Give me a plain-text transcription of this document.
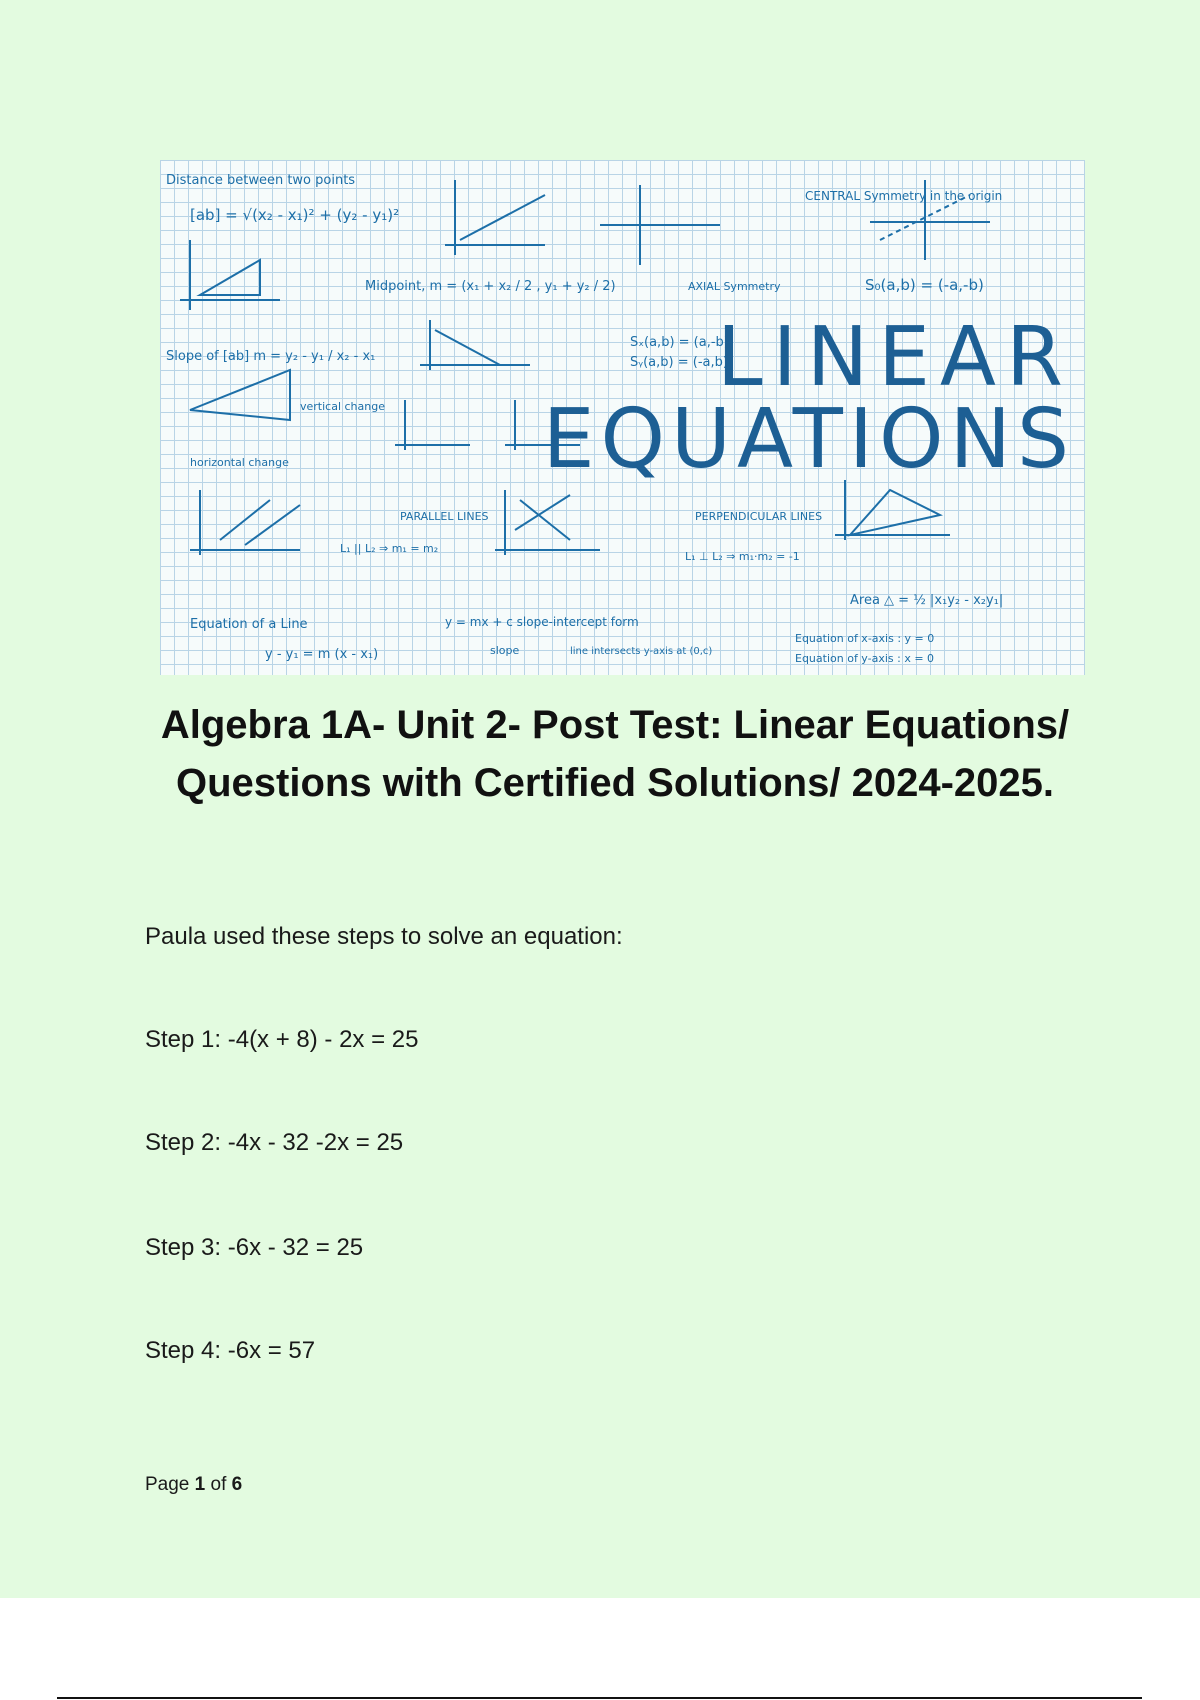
Distance between two points
[ab] = √(x₂ - x₁)² + (y₂ - y₁)²
Midpoint, m = (x₁ + x₂ / 2 , y₁ + y₂ / 2)
Slope of [ab] m = y₂ - y₁ / x₂ - x₁
vertical change
horizontal change
CENTRAL Symmetry in the origin
S₀(a,b) = (-a,-b)
AXIAL Symmetry
Sₓ(a,b) = (a,-b)
Sᵧ(a,b) = (-a,b)
PARALLEL LINES
L₁ || L₂ ⇒ m₁ = m₂
PERPENDICULAR LINES
L₁ ⊥ L₂ ⇒ m₁·m₂ = -1
Area △ = ½ |x₁y₂ - x₂y₁|
Equation of a Line
y - y₁ = m (x - x₁)
y = mx + c slope-intercept form
slope	line intersects y-axis at (0,c)
Equation of x-axis : y = 0
Equation of y-axis : x = 0
LINEAR
EQUATIONS
Algebra 1A- Unit 2- Post Test: Linear Equations/ Questions with Certified Solutions/ 2024-2025.
Paula used these steps to solve an equation:
Step 1: -4(x + 8) - 2x = 25
Step 2: -4x - 32 -2x = 25
Step 3: -6x - 32 = 25
Step 4: -6x = 57
Page 1 of 6
